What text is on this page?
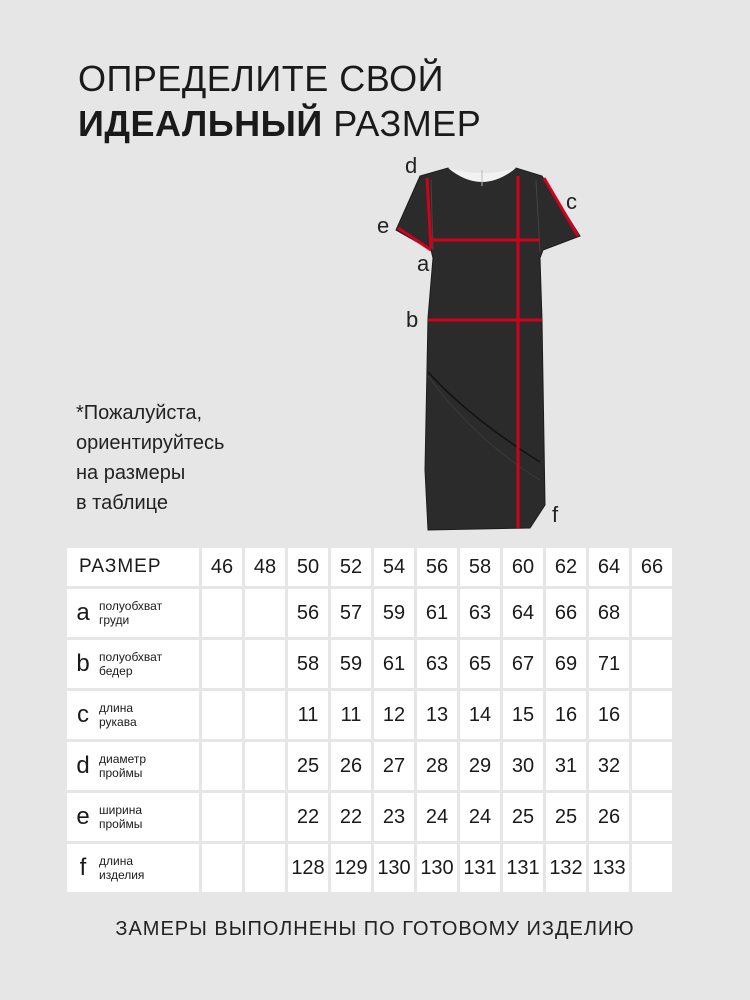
ОПРЕДЕЛИТЕ СВОЙ
ИДЕАЛЬНЫЙ РАЗМЕР
d
c
e
a
b
f
*Пожалуйста,
ориентируйтесь
на размеры
в таблице
РАЗМЕР	46	48	50	52	54	56	58	60	62	64	66

a полуобхват
груди			56	57	59	61	63	64	66	68	

b полуобхват
бедер			58	59	61	63	65	67	69	71	

c длина
рукава			11	11	12	13	14	15	16	16	

d диаметр
проймы			25	26	27	28	29	30	31	32	

e ширина
проймы			22	22	23	24	24	25	25	26	

f длина
изделия			128	129	130	130	131	131	132	133	
ЗАМЕРЫ ВЫПОЛНЕНЫ ПО ГОТОВОМУ ИЗДЕЛИЮ
